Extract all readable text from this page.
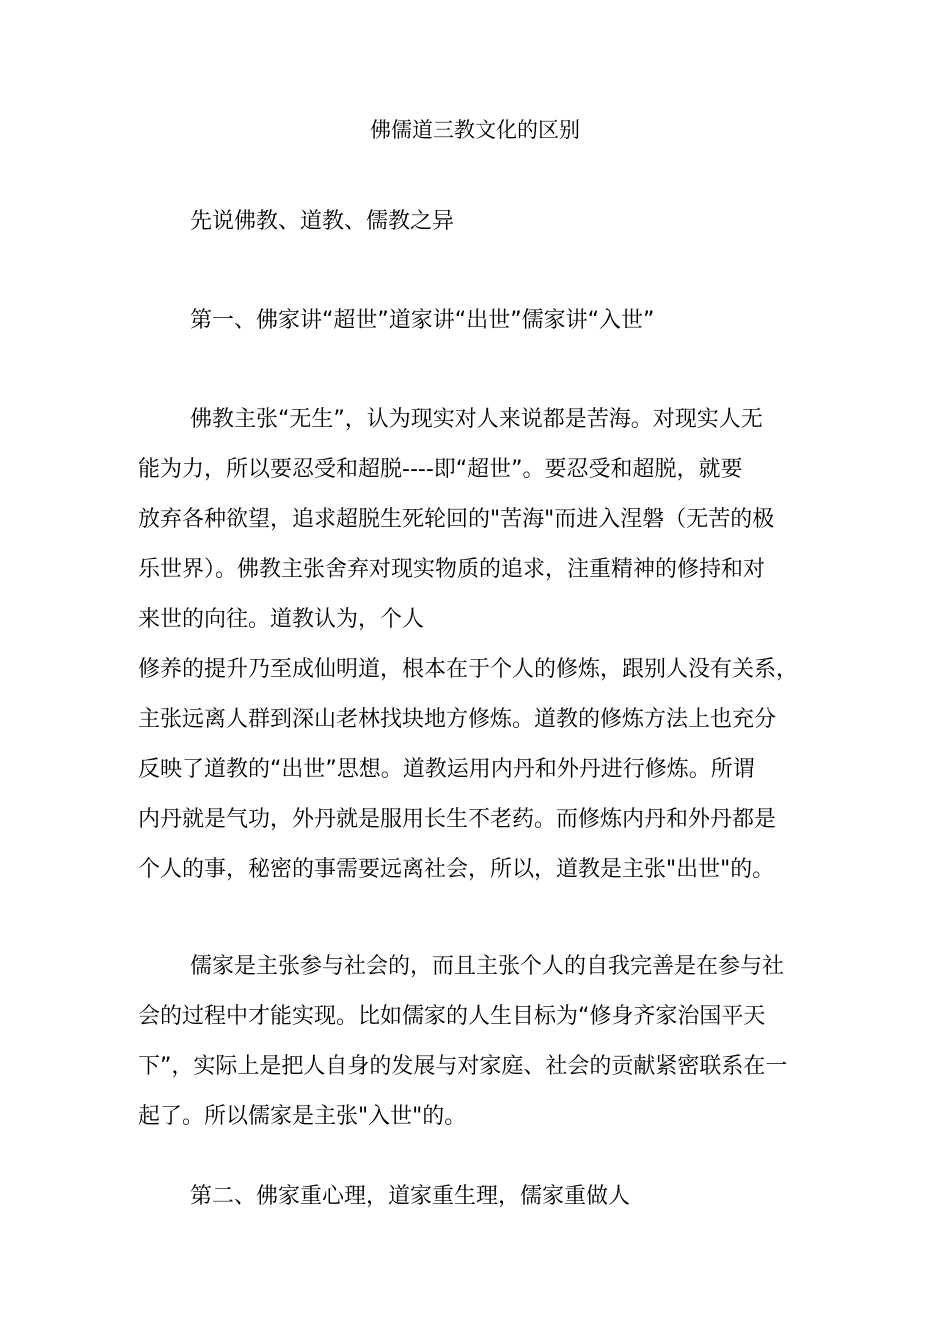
佛儒道三教文化的区别
先说佛教、道教、儒教之异
第一、佛家讲“超世”道家讲“出世”儒家讲“入世”
佛教主张“无生”，认为现实对人来说都是苦海。对现实人无
能为力，所以要忍受和超脱----即“超世”。要忍受和超脱，就要
放弃各种欲望，追求超脱生死轮回的"苦海"而进入涅磐（无苦的极
乐世界）。佛教主张舍弃对现实物质的追求，注重精神的修持和对
来世的向往。道教认为，个人
修养的提升乃至成仙明道，根本在于个人的修炼，跟别人没有关系，
主张远离人群到深山老林找块地方修炼。道教的修炼方法上也充分
反映了道教的“出世”思想。道教运用内丹和外丹进行修炼。所谓
内丹就是气功，外丹就是服用长生不老药。而修炼内丹和外丹都是
个人的事，秘密的事需要远离社会，所以，道教是主张"出世"的。
儒家是主张参与社会的，而且主张个人的自我完善是在参与社
会的过程中才能实现。比如儒家的人生目标为“修身齐家治国平天
下”，实际上是把人自身的发展与对家庭、社会的贡献紧密联系在一
起了。所以儒家是主张"入世"的。
第二、佛家重心理，道家重生理，儒家重做人
